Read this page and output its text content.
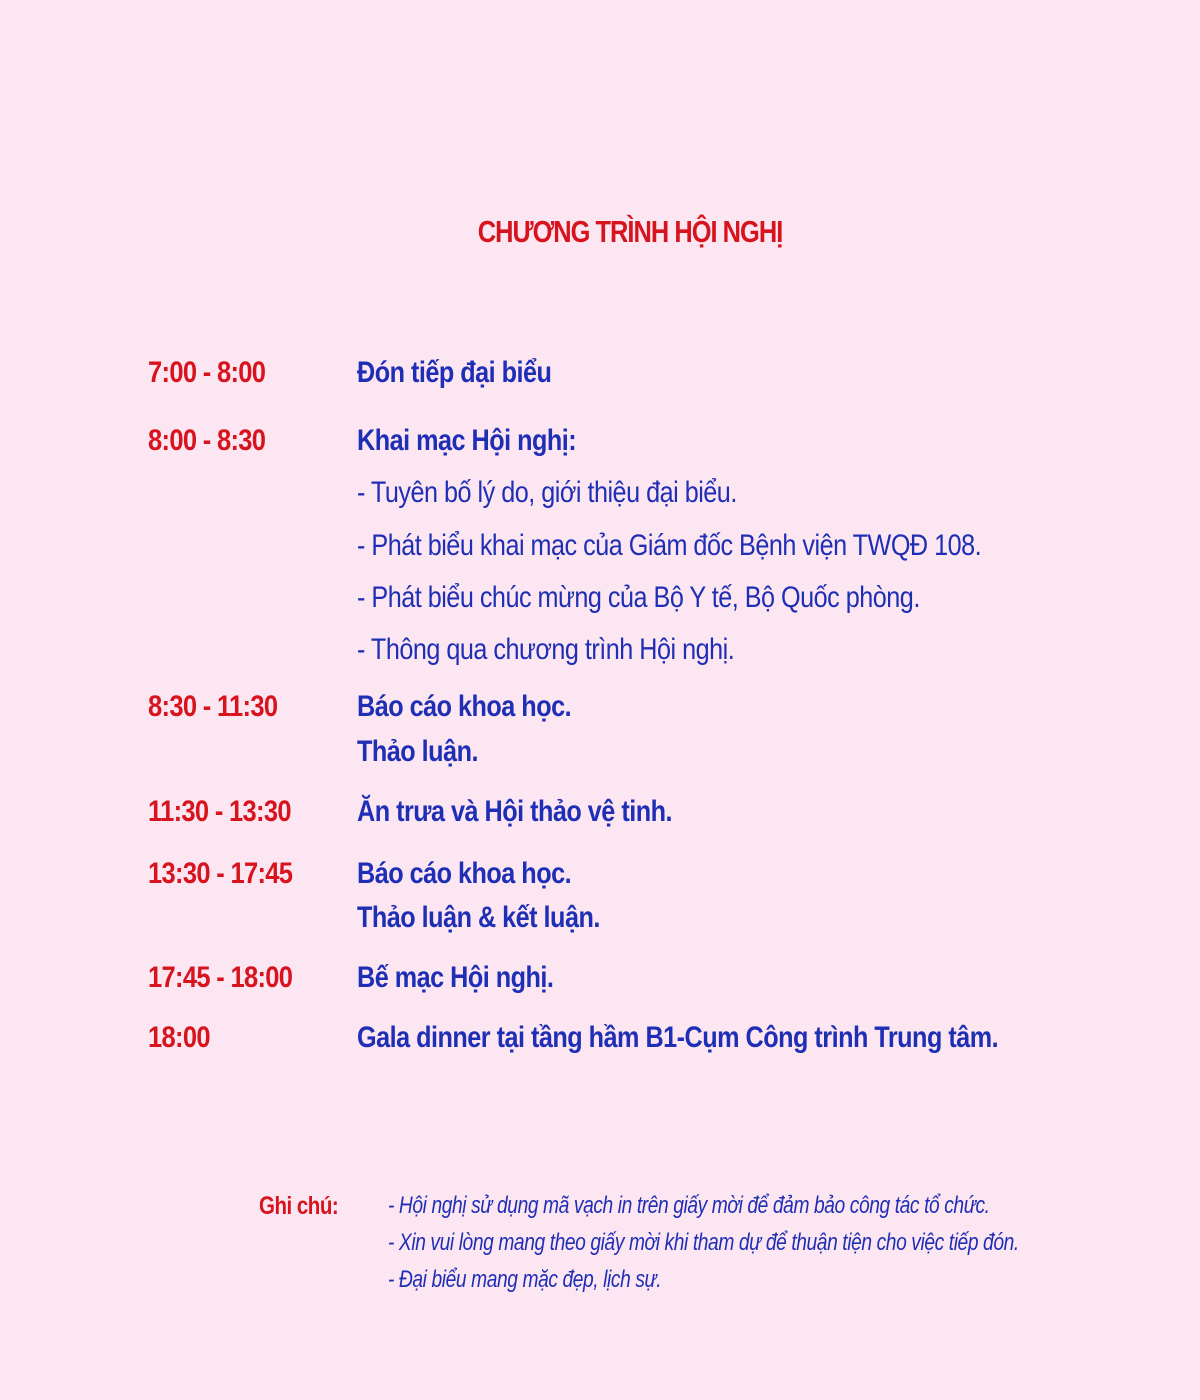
CHƯƠNG TRÌNH HỘI NGHỊ
7:00 - 8:00	Đón tiếp đại biểu
8:00 - 8:30	Khai mạc Hội nghị:
- Tuyên bố lý do, giới thiệu đại biểu.
- Phát biểu khai mạc của Giám đốc Bệnh viện TWQĐ 108.
- Phát biểu chúc mừng của Bộ Y tế, Bộ Quốc phòng.
- Thông qua chương trình Hội nghị.
8:30 - 11:30	Báo cáo khoa học.
Thảo luận.
11:30 - 13:30 Ăn trưa và Hội thảo vệ tinh.
13:30 - 17:45 Báo cáo khoa học.
Thảo luận & kết luận.
17:45 - 18:00 Bế mạc Hội nghị.
18:00	Gala dinner tại tầng hầm B1-Cụm Công trình Trung tâm.
Ghi chú: - Hội nghị sử dụng mã vạch in trên giấy mời để đảm bảo công tác tổ chức.
- Xin vui lòng mang theo giấy mời khi tham dự để thuận tiện cho việc tiếp đón.
- Đại biểu mang mặc đẹp, lịch sự.
